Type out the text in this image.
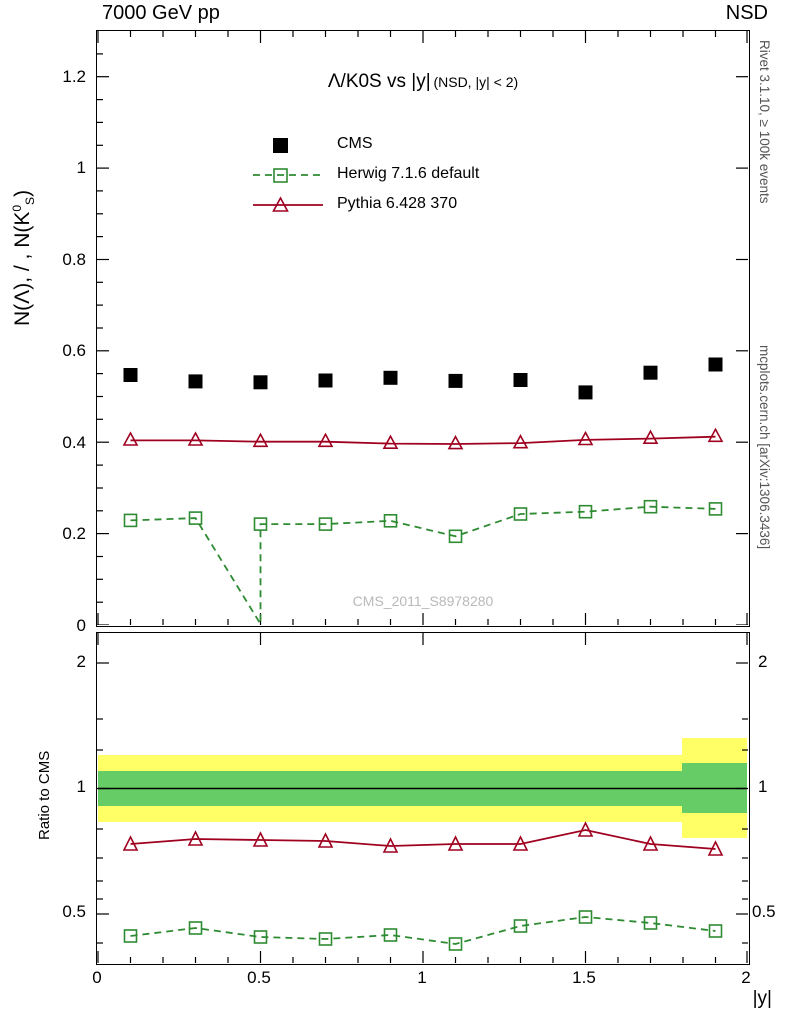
7000 GeV pp	NSD
N(Λ), / , $N(K^0_S)$	Rivet 3.1.10, ≥ 100k events
mcplots.cern.ch [arXiv:1306.3436]
Ratio to CMS
|y|
Λ/K0S vs |y| (NSD, |y| < 2)
CMS
Herwig 7.1.6 default
Pythia 6.428 370
CMS_2011_S8978280
0
0.2
0.4
0.6
0.8
1
1.2
2
1
0.5
2
1
0.5
0	0.5	1	1.5	2
